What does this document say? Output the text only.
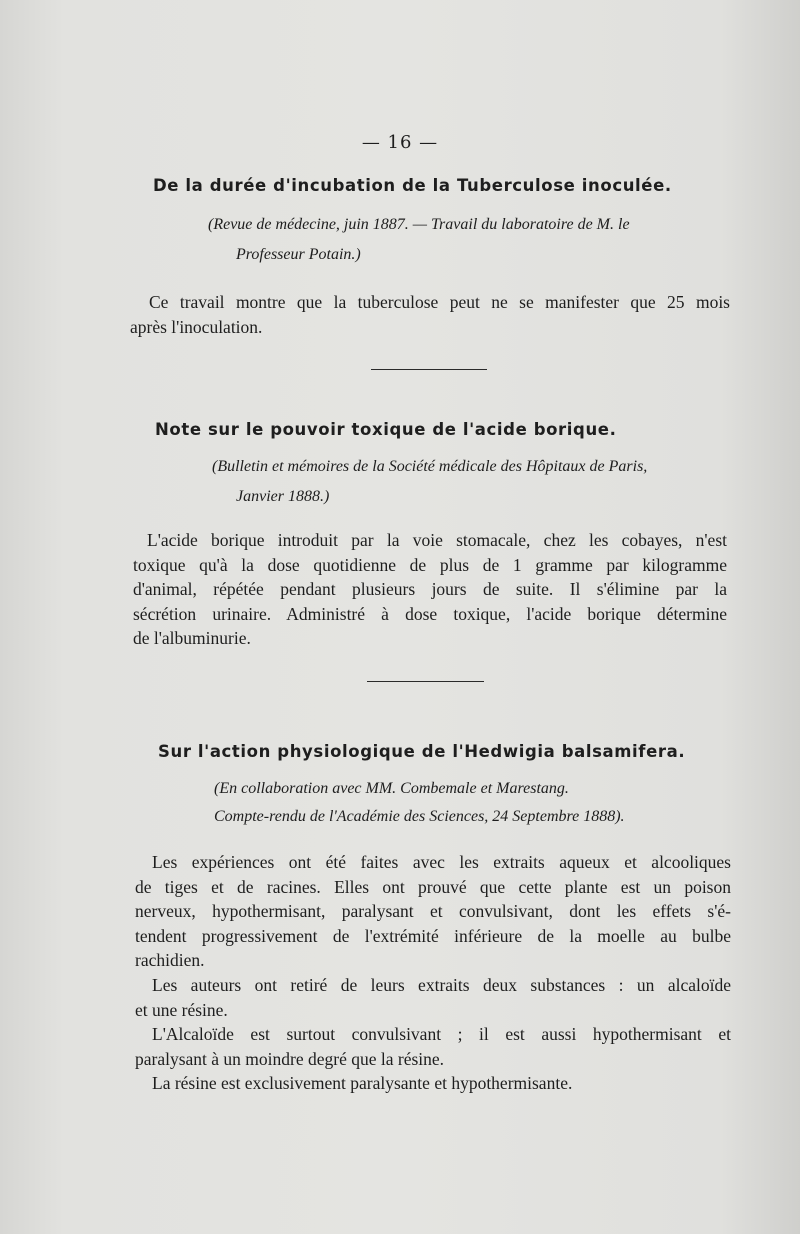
— 16 —
De la durée d'incubation de la Tuberculose inoculée.
(Revue de médecine, juin 1887. — Travail du laboratoire de M. le
Professeur Potain.)
Ce travail montre que la tuberculose peut ne se manifester que 25 mois
après l'inoculation.
Note sur le pouvoir toxique de l'acide borique.
(Bulletin et mémoires de la Société médicale des Hôpitaux de Paris,
Janvier 1888.)
L'acide borique introduit par la voie stomacale, chez les cobayes, n'est
toxique qu'à la dose quotidienne de plus de 1 gramme par kilogramme
d'animal, répétée pendant plusieurs jours de suite. Il s'élimine par la
sécrétion urinaire. Administré à dose toxique, l'acide borique détermine
de l'albuminurie.
Sur l'action physiologique de l'Hedwigia balsamifera.
(En collaboration avec MM. Combemale et Marestang.
Compte-rendu de l'Académie des Sciences, 24 Septembre 1888).
Les expériences ont été faites avec les extraits aqueux et alcooliques
de tiges et de racines. Elles ont prouvé que cette plante est un poison
nerveux, hypothermisant, paralysant et convulsivant, dont les effets s'é-
tendent progressivement de l'extrémité inférieure de la moelle au bulbe
rachidien.
Les auteurs ont retiré de leurs extraits deux substances : un alcaloïde
et une résine.
L'Alcaloïde est surtout convulsivant ; il est aussi hypothermisant et
paralysant à un moindre degré que la résine.
La résine est exclusivement paralysante et hypothermisante.
